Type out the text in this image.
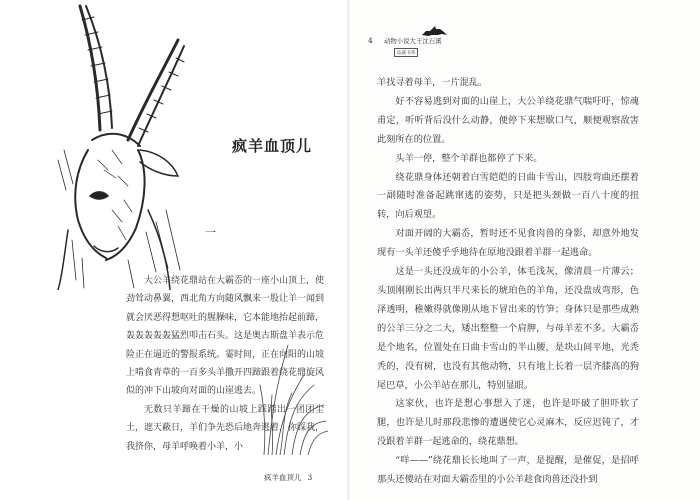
疯羊血顶儿
一

大公羊绕花鼎站在大霸岙的一座小山顶上，使劲耸动鼻翼，西北角方向随风飘来一股让羊一闻到就会厌恶得想呕吐的腥臊味，它本能地抬起前蹄，轰轰轰轰轰猛烈叩击石头。这是奥古斯盘羊表示危险正在逼近的警报系统。霎时间，正在向阳的山坡上啃食青草的一百多头羊撒开四蹄跟着绕花鼎旋风似的冲下山坡向对面的山崖逃去。

无数只羊蹄在干燥的山坡上踩踏出一团团尘土，遮天蔽日，羊们争先恐后地奔逃着，你踩我，我挤你，母羊呼唤着小羊，小

疯羊血顶儿 3
4 动物小说大王沈石溪
品藏书系

羊找寻着母羊，一片混乱。

好不容易逃到对面的山崖上，大公羊绕花鼎气喘吁吁，惊魂甫定，听听背后没什么动静，便停下来想歇口气，顺便观察敌害此刻所在的位置。

头羊一停，整个羊群也都停了下来。

绕花鼎身体还朝着白雪皑皑的日曲卡雪山，四肢弯曲还摆着一副随时准备起跳窜逃的姿势，只是把头颈做一百八十度的扭转，向后观望。

对面开阔的大霸岙，暂时还不见食肉兽的身影，却意外地发现有一头羊还傻乎乎地待在原地没跟着羊群一起逃命。

这是一头还没成年的小公羊，体毛浅灰，像清晨一片薄云；头顶刚刚长出两只半尺来长的琥珀色的羊角，还没盘成弯形，色泽透明，稚嫩得就像刚从地下冒出来的竹笋；身体只是那些成熟的公羊三分之二大，矮出整整一个肩胛，与母羊差不多。大霸岙是个地名，位置处在日曲卡雪山的半山腰，是块山间平地，光秃秃的，没有树，也没有其他动物，只有地上长着一层齐膝高的狗尾巴草，小公羊站在那儿，特别显眼。

这家伙，也许是想心事想入了迷，也许是吓破了胆吓软了腿，也许是儿时那段悲惨的遭遇使它心灵麻木，反应迟钝了，才没跟着羊群一起逃命的，绕花鼎想。

“咩——”绕花鼎长长地叫了一声，是提醒，是催促，是招呼那头还傻站在对面大霸岙里的小公羊趁食肉兽还没扑到
